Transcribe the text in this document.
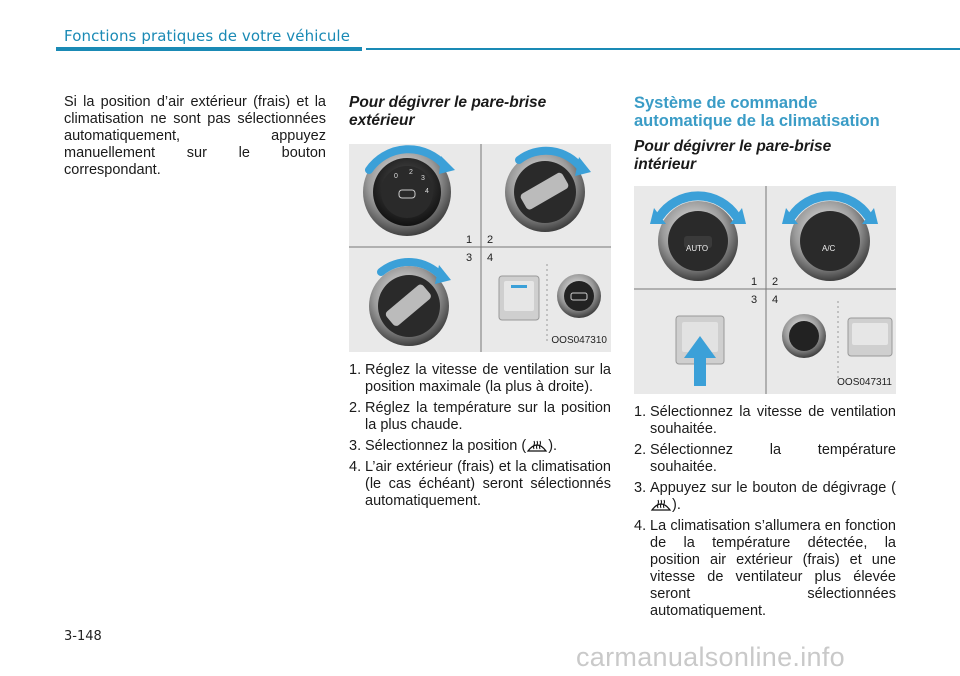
Fonctions pratiques de votre véhicule

Si la position d’air extérieur (frais) et la climatisation ne sont pas sélectionnées automatiquement, appuyez manuellement sur le bouton correspondant.

Pour dégivrer le pare-brise extérieur
0
2
3
4
1 2
3 4
OOS047310
1. Réglez la vitesse de ventilation sur la position maximale (la plus à droite).
2. Réglez la température sur la position la plus chaude.
3. Sélectionnez la position ( ).
4. L’air extérieur (frais) et la climatisation (le cas échéant) seront sélectionnés automatiquement.
Système de commande automatique de la climatisation
Pour dégivrer le pare-brise intérieur
AUTO	A/C
1 2
3 4
OOS047311
1. Sélectionnez la vitesse de ventilation souhaitée.
2. Sélectionnez la température souhaitée.
3. Appuyez sur le bouton de dégivrage ().
4. La climatisation s’allumera en fonction de la température détectée, la position air extérieur (frais) et une vitesse de ventilateur plus élevée seront sélectionnées automatiquement.
3-148
carmanualsonline.info
